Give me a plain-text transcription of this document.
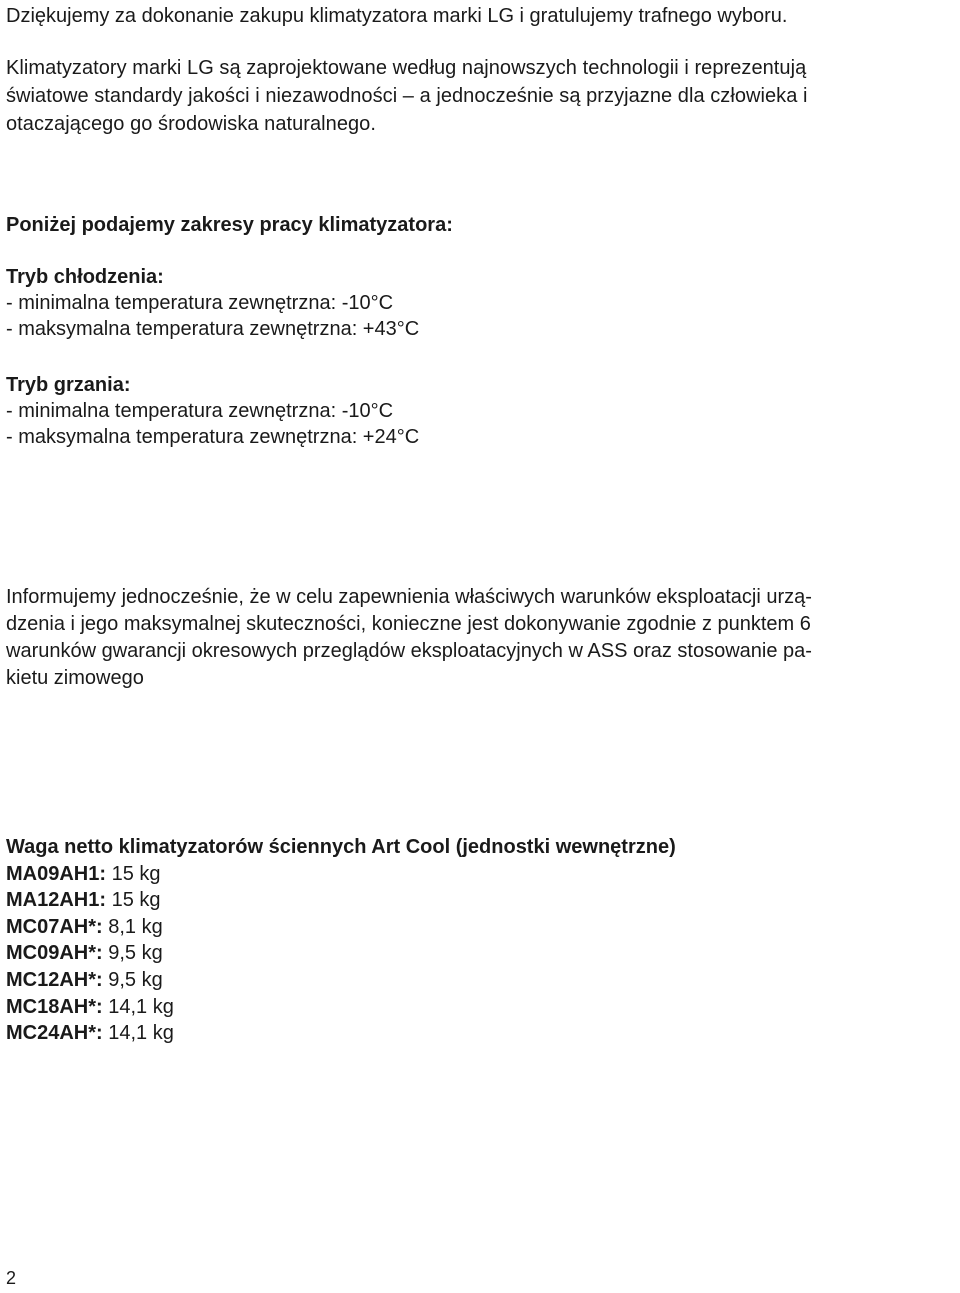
Dziękujemy za dokonanie zakupu klimatyzatora marki LG i gratulujemy trafnego wyboru.

Klimatyzatory marki LG są zaprojektowane według najnowszych technologii i reprezentują
światowe standardy jakości i niezawodności – a jednocześnie są przyjazne dla człowieka i
otaczającego go środowiska naturalnego.

Poniżej podajemy zakresy pracy klimatyzatora:

Tryb chłodzenia:
- minimalna temperatura zewnętrzna: -10°C
- maksymalna temperatura zewnętrzna: +43°C
Tryb grzania:
- minimalna temperatura zewnętrzna: -10°C
- maksymalna temperatura zewnętrzna: +24°C
Informujemy jednocześnie, że w celu zapewnienia właściwych warunków eksploatacji urzą-
dzenia i jego maksymalnej skuteczności, konieczne jest dokonywanie zgodnie z punktem 6
warunków gwarancji okresowych przeglądów eksploatacyjnych w ASS oraz stosowanie pa-
kietu zimowego
Waga netto klimatyzatorów ściennych Art Cool (jednostki wewnętrzne)
MA09AH1: 15 kg
MA12AH1: 15 kg
MC07AH*: 8,1 kg
MC09AH*: 9,5 kg
MC12AH*: 9,5 kg
MC18AH*: 14,1 kg
MC24AH*: 14,1 kg
2
